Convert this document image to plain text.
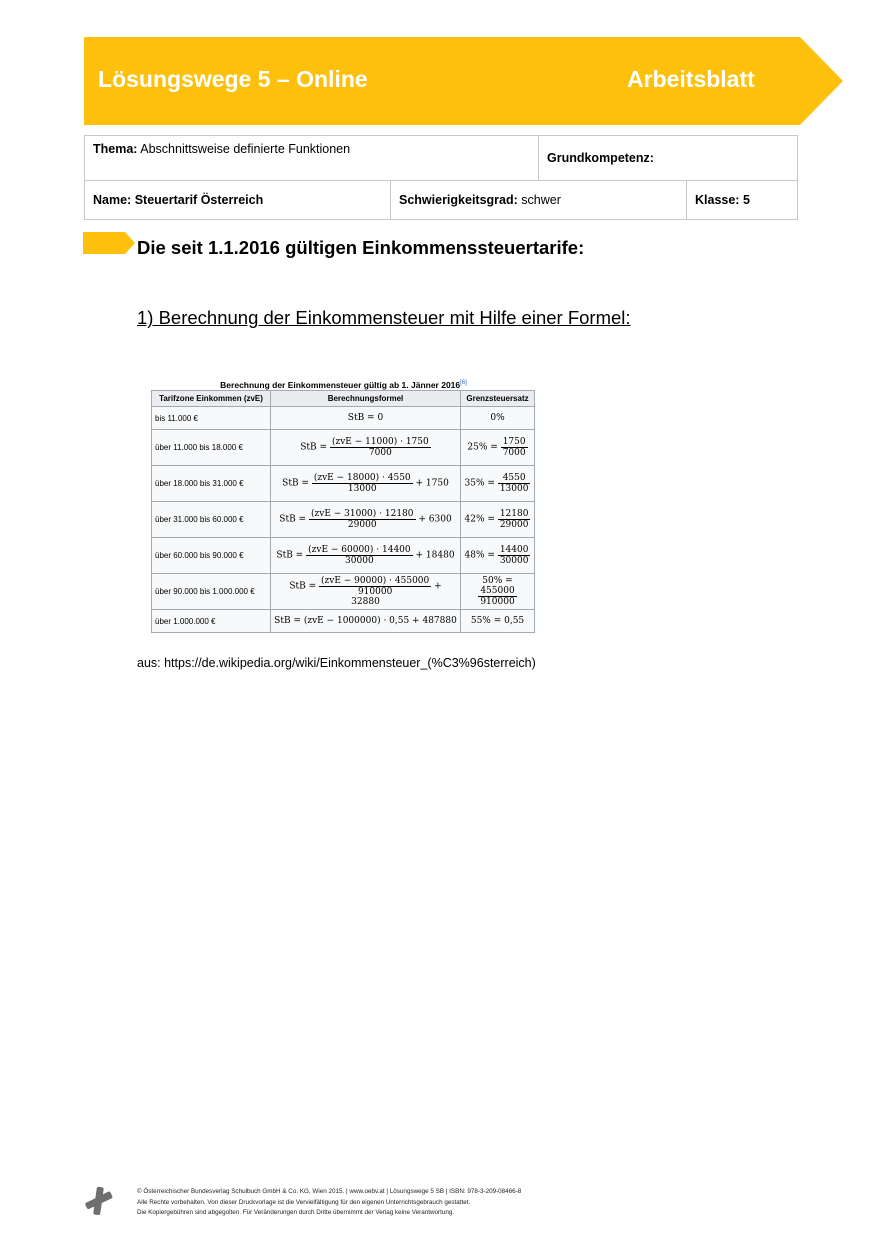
Lösungswege 5 – Online	Arbeitsblatt
Thema: Abschnittsweise definierte Funktionen		Grundkompetenz:	
Name: Steuertarif Österreich	Schwierigkeitsgrad: schwer		Klasse: 5
Die seit 1.1.2016 gültigen Einkommenssteuertarife:
1) Berechnung der Einkommensteuer mit Hilfe einer Formel:
Berechnung der Einkommensteuer gültig ab 1. Jänner 2016[6]
Tarifzone Einkommen (zvE)	Berechnungsformel	Grenzsteuersatz
bis 11.000 €	StB = 0	0%
über 11.000 bis 18.000 €	StB = $\frac{\text{(zvE − 11000) · 1750}}{7000}$	$25\% = \frac{1750}{7000}$

über 18.000 bis 31.000 €	StB = $\frac{\text{(zvE − 18000) · 4550}}{13000} + 1750$	$35\% = \frac{4550}{13000}$

über 31.000 bis 60.000 €	StB = $\frac{\text{(zvE − 31000) · 12180}}{29000} + 6300$	$42\% = \frac{12180}{29000}$

über 60.000 bis 90.000 €	StB = $\frac{\text{(zvE − 60000) · 14400}}{30000} + 18480$	$48\% = \frac{14400}{30000}$

über 90.000 bis 1.000.000 €	StB = $\frac{\text{(zvE − 90000) · 455000}}{910000} + 32880$	50% =
$\frac{455000}{910000}$

über 1.000.000 €	StB = (zvE − 1000000) · 0,55 + 487880	55% = 0,55
aus: https://de.wikipedia.org/wiki/Einkommensteuer_(%C3%96sterreich)
© Österreichischer Bundesverlag Schulbuch GmbH & Co. KG, Wien 2015. | www.oebv.at | Lösungswege 5 SB | ISBN: 978-3-209-08466-8
Alle Rechte vorbehalten. Von dieser Druckvorlage ist die Vervielfältigung für den eigenen Unterrichtsgebrauch gestattet.
Die Kopiergebühren sind abgegolten. Für Veränderungen durch Dritte übernimmt der Verlag keine Verantwortung.
